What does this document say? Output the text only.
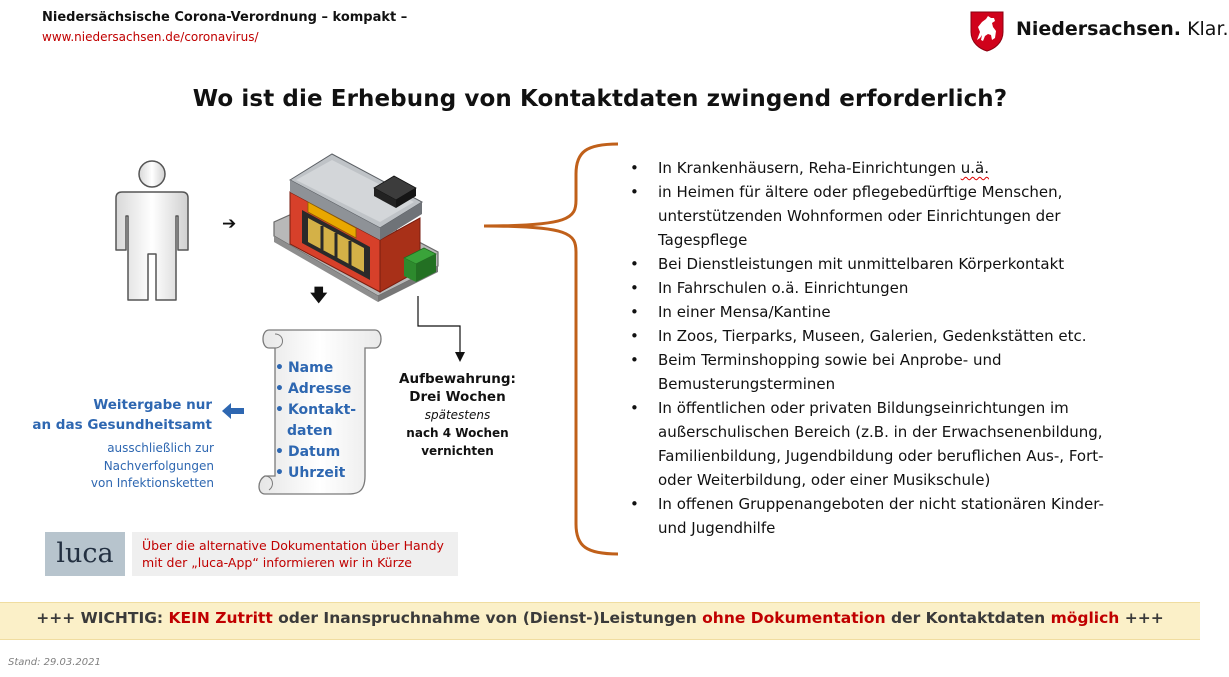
Niedersächsische Corona-Verordnung – kompakt –
www.niedersachsen.de/coronavirus/	Niedersachsen. Klar.
Wo ist die Erhebung von Kontaktdaten zwingend erforderlich?
➔
🡇
• Name
• Adresse
• Kontakt-
daten
• Datum
• Uhrzeit
Weitergabe nur
an das Gesundheitsamt
ausschließlich zur
Nachverfolgungen
von Infektionsketten
Aufbewahrung:
Drei Wochen
spätestens
nach 4 Wochen
vernichten
• In Krankenhäusern, Reha-Einrichtungen u.ä.
• in Heimen für ältere oder pflegebedürftige Menschen,
unterstützenden Wohnformen oder Einrichtungen der
Tagespflege
• Bei Dienstleistungen mit unmittelbaren Körperkontakt
• In Fahrschulen o.ä. Einrichtungen
• In einer Mensa/Kantine
• In Zoos, Tierparks, Museen, Galerien, Gedenkstätten etc.
• Beim Terminshopping sowie bei Anprobe- und
Bemusterungsterminen
• In öffentlichen oder privaten Bildungseinrichtungen im
außerschulischen Bereich (z.B. in der Erwachsenenbildung,
Familienbildung, Jugendbildung oder beruflichen Aus-, Fort-
oder Weiterbildung, oder einer Musikschule)
• In offenen Gruppenangeboten der nicht stationären Kinder-
und Jugendhilfe
luca	Über die alternative Dokumentation über Handy
mit der „luca-App“ informieren wir in Kürze
+++ WICHTIG: KEIN Zutritt oder Inanspruchnahme von (Dienst-)Leistungen ohne Dokumentation der Kontaktdaten möglich +++
Stand: 29.03.2021
